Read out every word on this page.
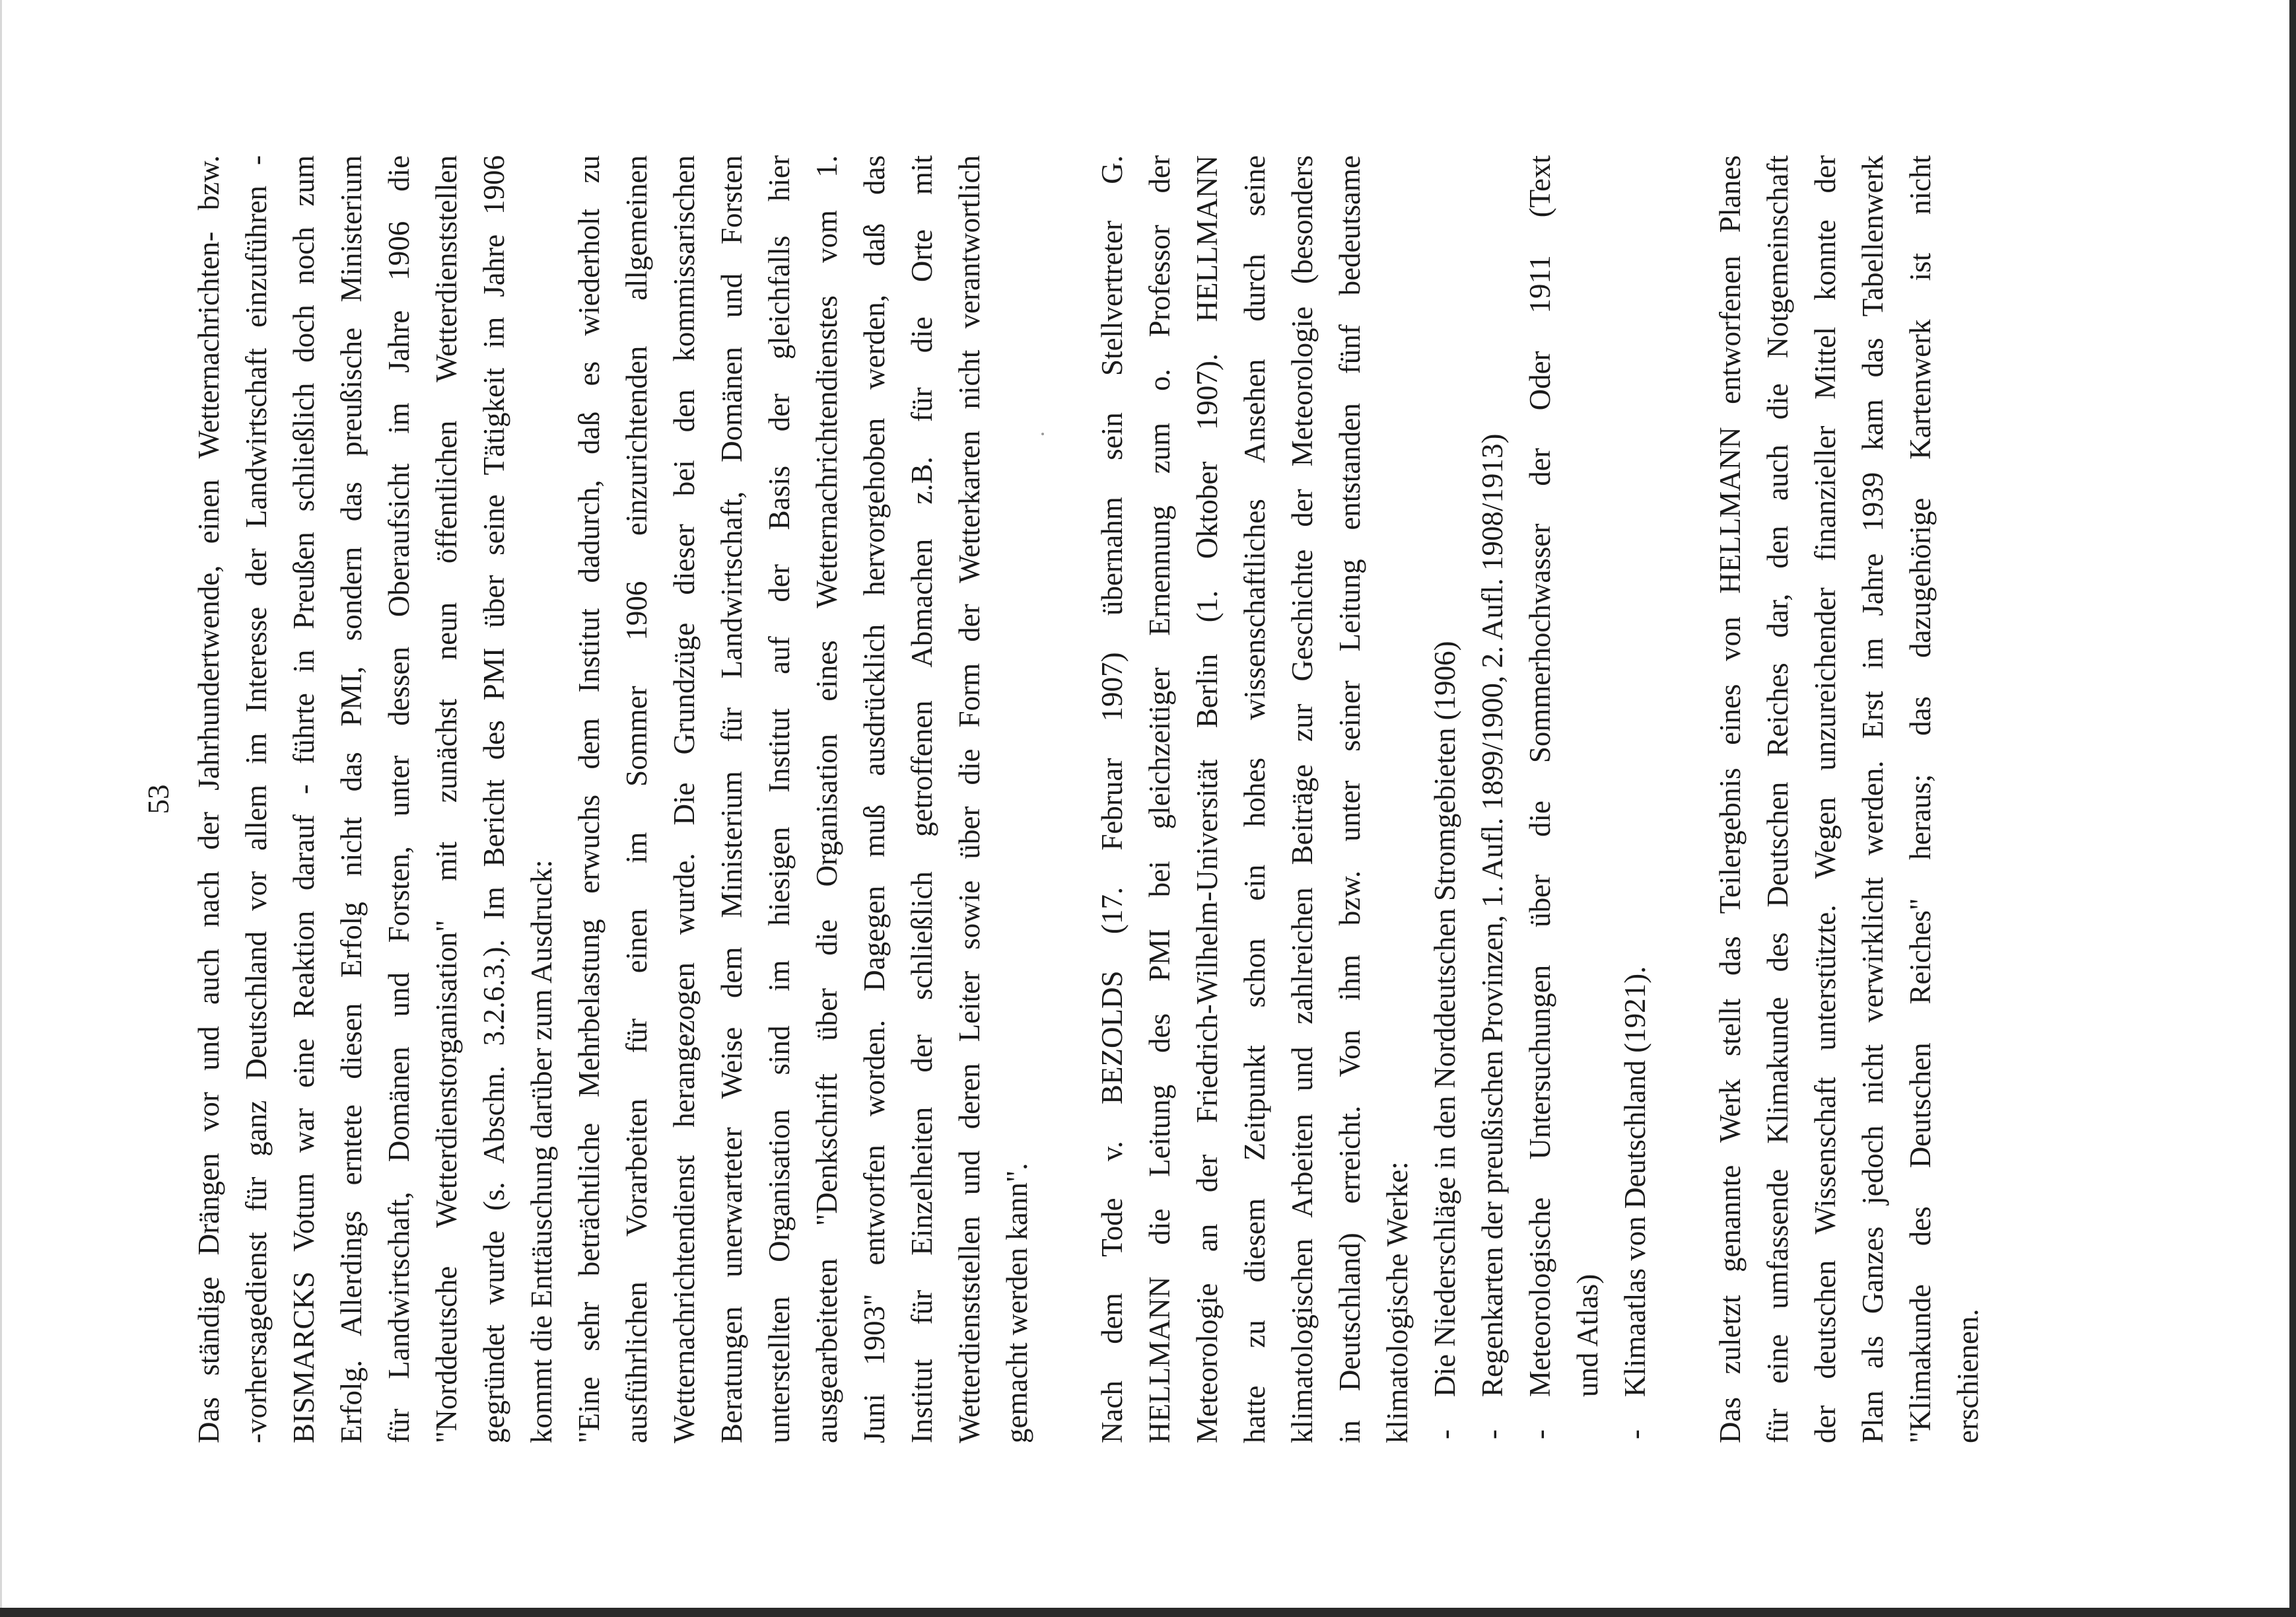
53 Das ständige Drängen vor und auch nach der Jahrhundertwende, einen Wetternachrichten- bzw. -vorhersagedienst für ganz Deutschland vor allem im Interesse der Landwirtschaft einzuführen - BISMARCKS Votum war eine Reaktion darauf - führte in Preußen schließlich doch noch zum Erfolg. Allerdings erntete diesen Erfolg nicht das PMI, sondern das preußische Ministerium für Landwirtschaft, Domänen und Forsten, unter dessen Oberaufsicht im Jahre 1906 die "Norddeutsche Wetterdienstorganisation" mit zunächst neun öffentlichen Wetterdienststellen gegründet wurde (s. Abschn. 3.2.6.3.). Im Bericht des PMI über seine Tätigkeit im Jahre 1906 kommt die Enttäuschung darüber zum Ausdruck: "Eine sehr beträchtliche Mehrbelastung erwuchs dem Institut dadurch, daß es wiederholt zu ausführlichen Vorarbeiten für einen im Sommer 1906 einzurichtenden allgemeinen Wetternachrichtendienst herangezogen wurde. Die Grundzüge dieser bei den kommissarischen Beratungen unerwarteter Weise dem Ministerium für Landwirtschaft, Domänen und Forsten unterstellten Organisation sind im hiesigen Institut auf der Basis der gleichfalls hier ausgearbeiteten "Denkschrift über die Organisation eines Wetternachrichtendienstes vom 1. Juni 1903" entworfen worden. Dagegen muß ausdrücklich hervorgehoben werden, daß das Institut für Einzelheiten der schließlich getroffenen Abmachen z.B. für die Orte mit Wetterdienststellen und deren Leiter sowie über die Form der Wetterkarten nicht verantwortlich gemacht werden kann". Nach dem Tode v. BEZOLDS (17. Februar 1907) übernahm sein Stellvertreter G. HELLMANN die Leitung des PMI bei gleichzeitiger Ernennung zum o. Professor der Meteorologie an der Friedrich-Wilhelm-Universität Berlin (1. Oktober 1907). HELLMANN hatte zu diesem Zeitpunkt schon ein hohes wissenschaftliches Ansehen durch seine klimatologischen Arbeiten und zahlreichen Beiträge zur Geschichte der Meteorologie (besonders in Deutschland) erreicht. Von ihm bzw. unter seiner Leitung entstanden fünf bedeutsame klimatologische Werke: -
Die Niederschläge in den Norddeutschen Stromgebieten (1906)
-
Regenkarten der preußischen Provinzen, 1. Aufl. 1899/1900, 2. Aufl. 1908/1913)
-
Meteorologische Untersuchungen über die Sommerhochwasser der Oder 1911 (Text und Atlas)
-
Klimaatlas von Deutschland (1921). Das zuletzt genannte Werk stellt das Teilergebnis eines von HELLMANN entworfenen Planes für eine umfassende Klimakunde des Deutschen Reiches dar, den auch die Notgemeinschaft der deutschen Wissenschaft unterstützte. Wegen unzureichender finanzieller Mittel konnte der Plan als Ganzes jedoch nicht verwirklicht werden. Erst im Jahre 1939 kam das Tabellenwerk "Klimakunde des Deutschen Reiches" heraus; das dazugehörige Kartenwerk ist nicht erschienen.
